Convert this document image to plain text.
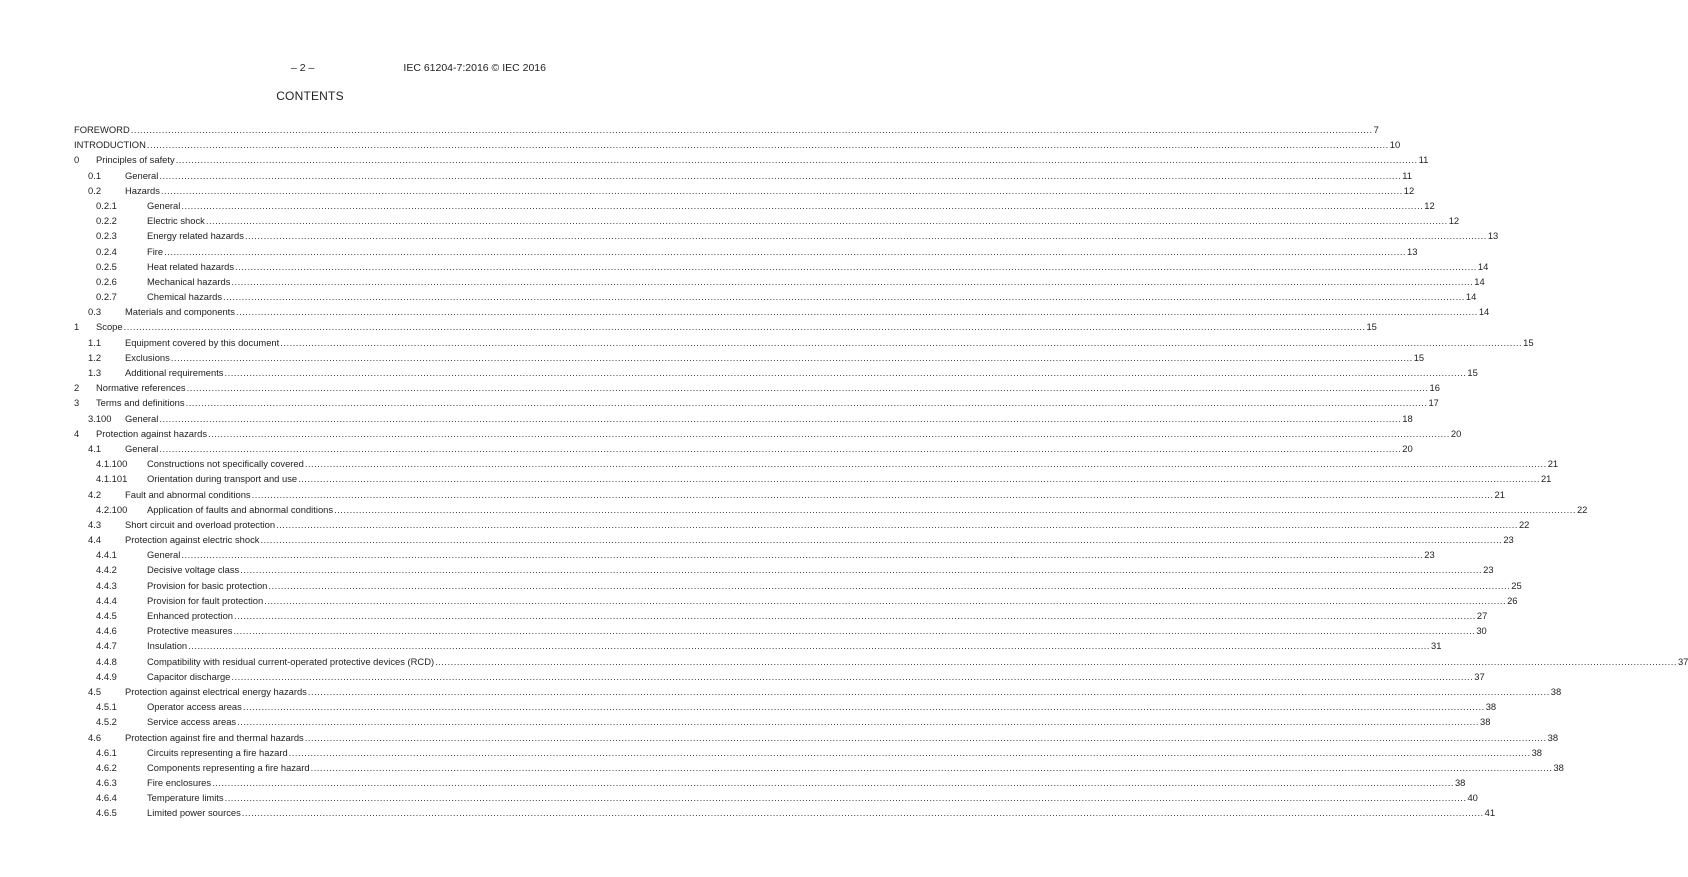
– 2 –	IEC 61204-7:2016 © IEC 2016
CONTENTS
FOREWORD ................................................................................................................................................................................................................................................................................................................................................................................................................ 7
INTRODUCTION ................................................................................................................................................................................................................................................................................................................................................................................................................ 10
0 Principles of safety ................................................................................................................................................................................................................................................................................................................................................................................................................ 11
0.1	General ................................................................................................................................................................................................................................................................................................................................................................................................................ 11
0.2	Hazards ................................................................................................................................................................................................................................................................................................................................................................................................................ 12
0.2.1	General ................................................................................................................................................................................................................................................................................................................................................................................................................ 12
0.2.2	Electric shock ................................................................................................................................................................................................................................................................................................................................................................................................................ 12
0.2.3	Energy related hazards ................................................................................................................................................................................................................................................................................................................................................................................................................ 13
0.2.4	Fire ................................................................................................................................................................................................................................................................................................................................................................................................................ 13
0.2.5	Heat related hazards ................................................................................................................................................................................................................................................................................................................................................................................................................ 14
0.2.6	Mechanical hazards ................................................................................................................................................................................................................................................................................................................................................................................................................ 14
0.2.7	Chemical hazards ................................................................................................................................................................................................................................................................................................................................................................................................................ 14
0.3	Materials and components ................................................................................................................................................................................................................................................................................................................................................................................................................ 14
1 Scope ................................................................................................................................................................................................................................................................................................................................................................................................................ 15
1.1	Equipment covered by this document ................................................................................................................................................................................................................................................................................................................................................................................................................ 15
1.2	Exclusions ................................................................................................................................................................................................................................................................................................................................................................................................................ 15
1.3	Additional requirements ................................................................................................................................................................................................................................................................................................................................................................................................................ 15
2 Normative references ................................................................................................................................................................................................................................................................................................................................................................................................................ 16
3 Terms and definitions ................................................................................................................................................................................................................................................................................................................................................................................................................ 17
3.100 General ................................................................................................................................................................................................................................................................................................................................................................................................................ 18
4 Protection against hazards ................................................................................................................................................................................................................................................................................................................................................................................................................ 20
4.1	General ................................................................................................................................................................................................................................................................................................................................................................................................................ 20
4.1.100 Constructions not specifically covered ................................................................................................................................................................................................................................................................................................................................................................................................................ 21
4.1.101 Orientation during transport and use ................................................................................................................................................................................................................................................................................................................................................................................................................ 21
4.2	Fault and abnormal conditions ................................................................................................................................................................................................................................................................................................................................................................................................................ 21
4.2.100 Application of faults and abnormal conditions ................................................................................................................................................................................................................................................................................................................................................................................................................ 22
4.3	Short circuit and overload protection ................................................................................................................................................................................................................................................................................................................................................................................................................ 22
4.4	Protection against electric shock ................................................................................................................................................................................................................................................................................................................................................................................................................ 23
4.4.1	General ................................................................................................................................................................................................................................................................................................................................................................................................................ 23
4.4.2	Decisive voltage class ................................................................................................................................................................................................................................................................................................................................................................................................................ 23
4.4.3	Provision for basic protection ................................................................................................................................................................................................................................................................................................................................................................................................................ 25
4.4.4	Provision for fault protection ................................................................................................................................................................................................................................................................................................................................................................................................................ 26
4.4.5	Enhanced protection ................................................................................................................................................................................................................................................................................................................................................................................................................ 27
4.4.6	Protective measures ................................................................................................................................................................................................................................................................................................................................................................................................................ 30
4.4.7	Insulation ................................................................................................................................................................................................................................................................................................................................................................................................................ 31
4.4.8	Compatibility with residual current-operated protective devices (RCD) ................................................................................................................................................................................................................................................................................................................................................................................................................ 37
4.4.9	Capacitor discharge ................................................................................................................................................................................................................................................................................................................................................................................................................ 37
4.5	Protection against electrical energy hazards ................................................................................................................................................................................................................................................................................................................................................................................................................ 38
4.5.1	Operator access areas ................................................................................................................................................................................................................................................................................................................................................................................................................ 38
4.5.2	Service access areas ................................................................................................................................................................................................................................................................................................................................................................................................................ 38
4.6	Protection against fire and thermal hazards ................................................................................................................................................................................................................................................................................................................................................................................................................ 38
4.6.1	Circuits representing a fire hazard ................................................................................................................................................................................................................................................................................................................................................................................................................ 38
4.6.2	Components representing a fire hazard ................................................................................................................................................................................................................................................................................................................................................................................................................ 38
4.6.3	Fire enclosures ................................................................................................................................................................................................................................................................................................................................................................................................................ 38
4.6.4	Temperature limits ................................................................................................................................................................................................................................................................................................................................................................................................................ 40
4.6.5	Limited power sources ................................................................................................................................................................................................................................................................................................................................................................................................................ 41
